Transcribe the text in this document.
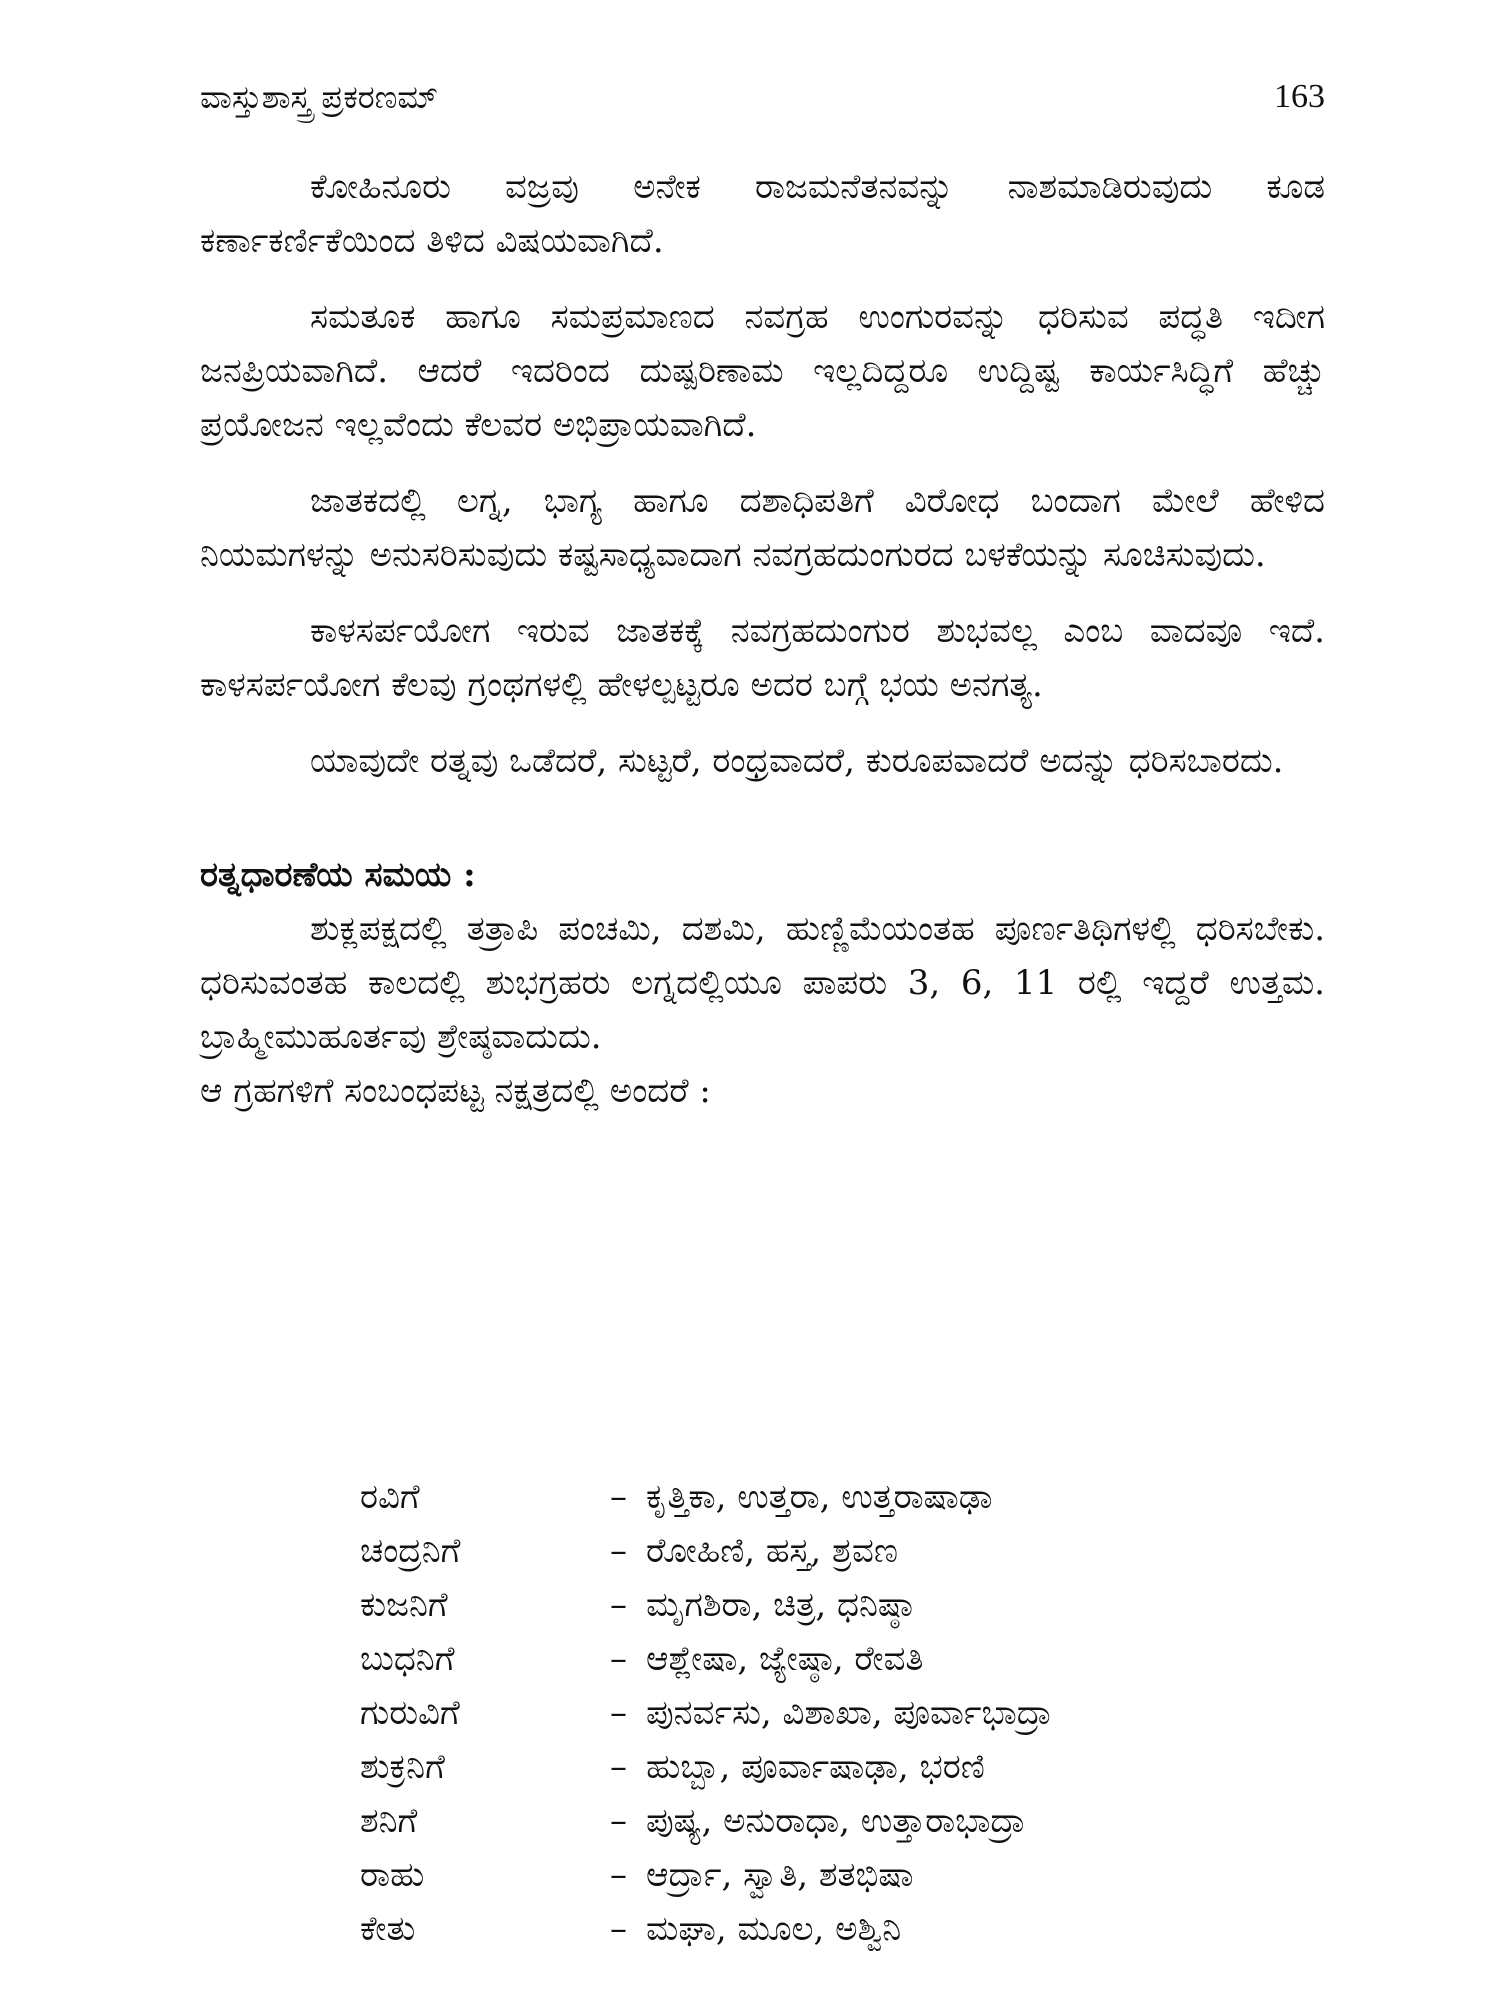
ವಾಸ್ತುಶಾಸ್ತ್ರ ಪ್ರಕರಣಮ್	163

ಕೋಹಿನೂರು ವಜ್ರವು ಅನೇಕ ರಾಜಮನೆತನವನ್ನು ನಾಶಮಾಡಿರುವುದು ಕೂಡ ಕರ್ಣಾಕರ್ಣಿಕೆಯಿಂದ ತಿಳಿದ ವಿಷಯವಾಗಿದೆ.

ಸಮತೂಕ ಹಾಗೂ ಸಮಪ್ರಮಾಣದ ನವಗ್ರಹ ಉಂಗುರವನ್ನು ಧರಿಸುವ ಪದ್ಧತಿ ಇದೀಗ ಜನಪ್ರಿಯವಾಗಿದೆ. ಆದರೆ ಇದರಿಂದ ದುಷ್ಪರಿಣಾಮ ಇಲ್ಲದಿದ್ದರೂ ಉದ್ದಿಷ್ಟ ಕಾರ್ಯಸಿದ್ಧಿಗೆ ಹೆಚ್ಚು ಪ್ರಯೋಜನ ಇಲ್ಲವೆಂದು ಕೆಲವರ ಅಭಿಪ್ರಾಯವಾಗಿದೆ.

ಜಾತಕದಲ್ಲಿ ಲಗ್ನ, ಭಾಗ್ಯ ಹಾಗೂ ದಶಾಧಿಪತಿಗೆ ವಿರೋಧ ಬಂದಾಗ ಮೇಲೆ ಹೇಳಿದ ನಿಯಮಗಳನ್ನು ಅನುಸರಿಸುವುದು ಕಷ್ಟಸಾಧ್ಯವಾದಾಗ ನವಗ್ರಹದುಂಗುರದ ಬಳಕೆಯನ್ನು ಸೂಚಿಸುವುದು.

ಕಾಳಸರ್ಪಯೋಗ ಇರುವ ಜಾತಕಕ್ಕೆ ನವಗ್ರಹದುಂಗುರ ಶುಭವಲ್ಲ ಎಂಬ ವಾದವೂ ಇದೆ. ಕಾಳಸರ್ಪಯೋಗ ಕೆಲವು ಗ್ರಂಥಗಳಲ್ಲಿ ಹೇಳಲ್ಪಟ್ಟರೂ ಅದರ ಬಗ್ಗೆ ಭಯ ಅನಗತ್ಯ.

ಯಾವುದೇ ರತ್ನವು ಒಡೆದರೆ, ಸುಟ್ಟರೆ, ರಂಧ್ರವಾದರೆ, ಕುರೂಪವಾದರೆ ಅದನ್ನು ಧರಿಸಬಾರದು.

ರತ್ನಧಾರಣೆಯ ಸಮಯ :

ಶುಕ್ಲಪಕ್ಷದಲ್ಲಿ ತತ್ರಾಪಿ ಪಂಚಮಿ, ದಶಮಿ, ಹುಣ್ಣಿಮೆಯಂತಹ ಪೂರ್ಣತಿಥಿಗಳಲ್ಲಿ ಧರಿಸಬೇಕು. ಧರಿಸುವಂತಹ ಕಾಲದಲ್ಲಿ ಶುಭಗ್ರಹರು ಲಗ್ನದಲ್ಲಿಯೂ ಪಾಪರು 3, 6, 11 ರಲ್ಲಿ ಇದ್ದರೆ ಉತ್ತಮ. ಬ್ರಾಹ್ಮೀಮುಹೂರ್ತವು ಶ್ರೇಷ್ಠವಾದುದು.

ಆ ಗ್ರಹಗಳಿಗೆ ಸಂಬಂಧಪಟ್ಟ ನಕ್ಷತ್ರದಲ್ಲಿ ಅಂದರೆ :

ರವಿಗೆ	– ಕೃತ್ತಿಕಾ, ಉತ್ತರಾ, ಉತ್ತರಾಷಾಢಾ
ಚಂದ್ರನಿಗೆ	– ರೋಹಿಣಿ, ಹಸ್ತ, ಶ್ರವಣ
ಕುಜನಿಗೆ	– ಮೃಗಶಿರಾ, ಚಿತ್ರ, ಧನಿಷ್ಠಾ
ಬುಧನಿಗೆ	– ಆಶ್ಲೇಷಾ, ಜ್ಯೇಷ್ಠಾ, ರೇವತಿ
ಗುರುವಿಗೆ	– ಪುನರ್ವಸು, ವಿಶಾಖಾ, ಪೂರ್ವಾಭಾದ್ರಾ
ಶುಕ್ರನಿಗೆ	– ಹುಬ್ಬಾ, ಪೂರ್ವಾಷಾಢಾ, ಭರಣಿ
ಶನಿಗೆ	– ಪುಷ್ಯ, ಅನುರಾಧಾ, ಉತ್ತಾರಾಭಾದ್ರಾ
ರಾಹು	– ಆರ್ದ್ರಾ, ಸ್ವಾತಿ, ಶತಭಿಷಾ
ಕೇತು	– ಮಘಾ, ಮೂಲ, ಅಶ್ವಿನಿ
